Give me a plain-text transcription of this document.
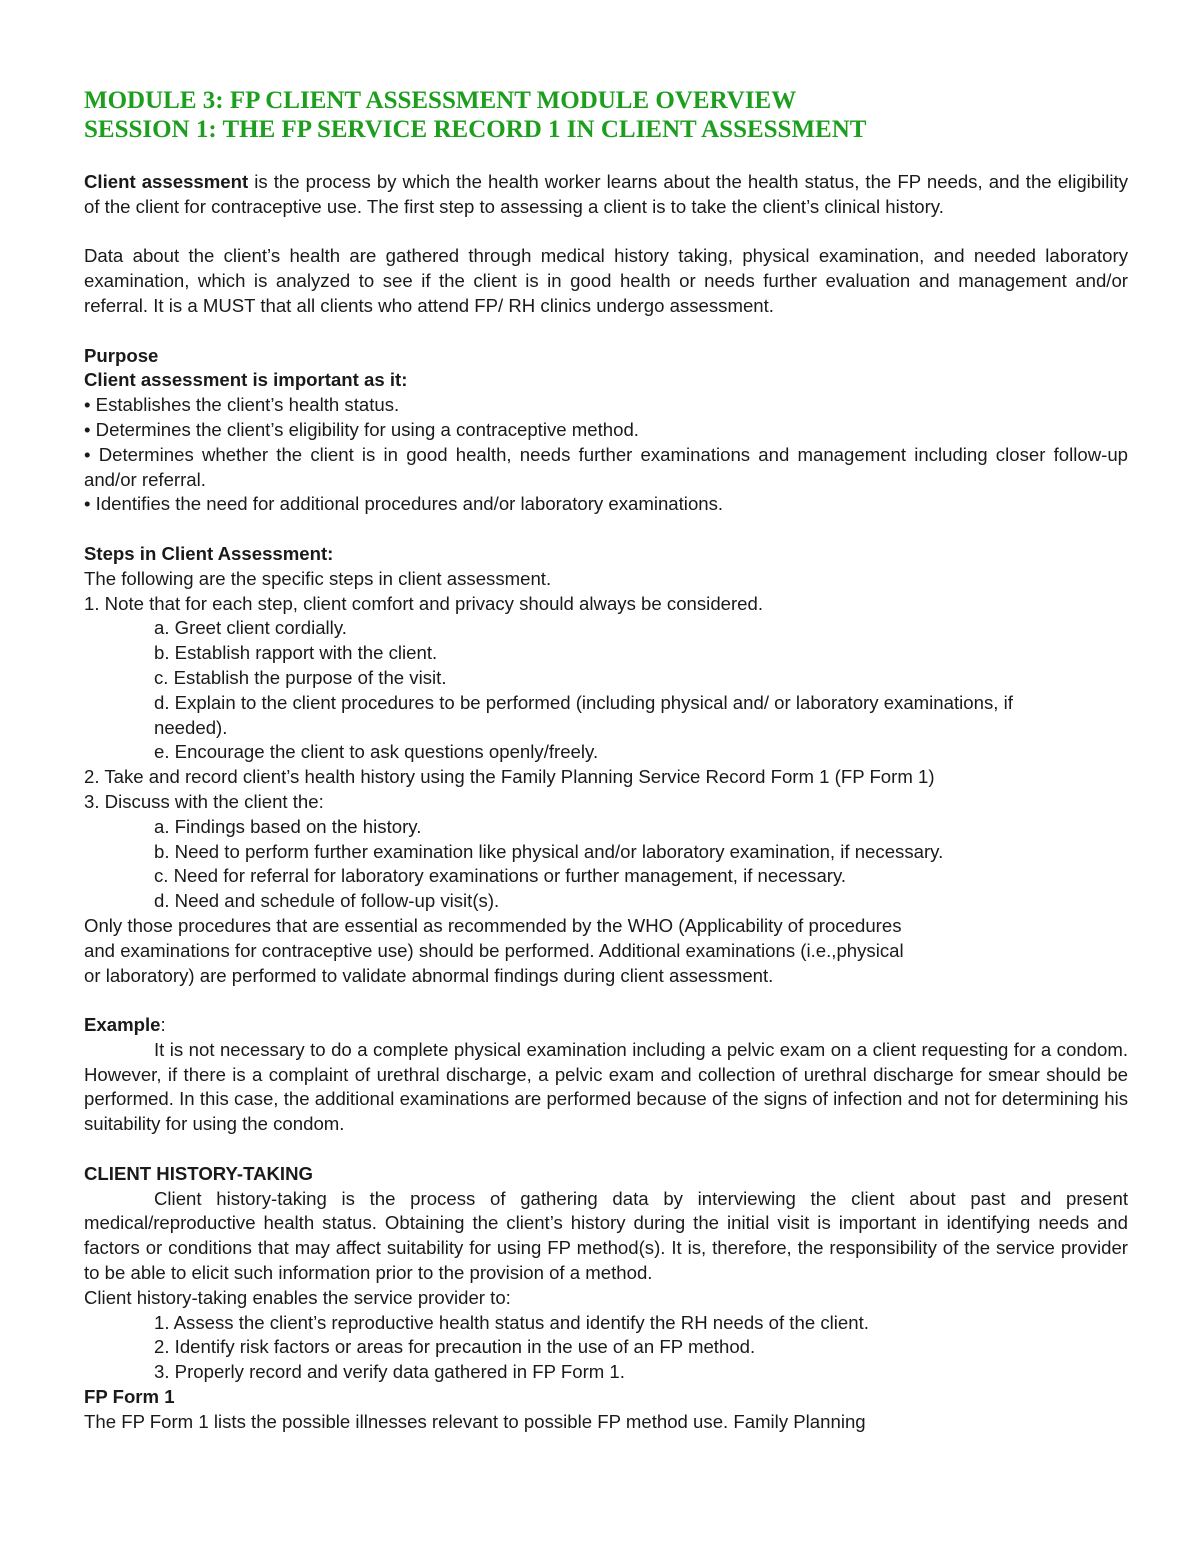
MODULE 3: FP CLIENT ASSESSMENT MODULE OVERVIEW

SESSION 1: THE FP SERVICE RECORD 1 IN CLIENT ASSESSMENT

Client assessment is the process by which the health worker learns about the health status, the FP needs, and the eligibility of the client for contraceptive use. The first step to assessing a client is to take the client’s clinical history.

Data about the client’s health are gathered through medical history taking, physical examination, and needed laboratory examination, which is analyzed to see if the client is in good health or needs further evaluation and management and/or referral. It is a MUST that all clients who attend FP/ RH clinics undergo assessment.

Purpose

Client assessment is important as it:

• Establishes the client’s health status.

• Determines the client’s eligibility for using a contraceptive method.

• Determines whether the client is in good health, needs further examinations and management including closer follow-up and/or referral.

• Identifies the need for additional procedures and/or laboratory examinations.

Steps in Client Assessment:

The following are the specific steps in client assessment.

1. Note that for each step, client comfort and privacy should always be considered.

a. Greet client cordially.

b. Establish rapport with the client.

c. Establish the purpose of the visit.

d. Explain to the client procedures to be performed (including physical and/ or laboratory examinations, if needed).

e. Encourage the client to ask questions openly/freely.

2. Take and record client’s health history using the Family Planning Service Record Form 1 (FP Form 1)

3. Discuss with the client the:

a. Findings based on the history.

b. Need to perform further examination like physical and/or laboratory examination, if necessary.

c. Need for referral for laboratory examinations or further management, if necessary.

d. Need and schedule of follow-up visit(s).

Only those procedures that are essential as recommended by the WHO (Applicability of procedures

and examinations for contraceptive use) should be performed. Additional examinations (i.e.,physical

or laboratory) are performed to validate abnormal findings during client assessment.

Example:

It is not necessary to do a complete physical examination including a pelvic exam on a client requesting for a condom. However, if there is a complaint of urethral discharge, a pelvic exam and collection of urethral discharge for smear should be performed. In this case, the additional examinations are performed because of the signs of infection and not for determining his suitability for using the condom.

CLIENT HISTORY-TAKING

Client history-taking is the process of gathering data by interviewing the client about past and present medical/reproductive health status. Obtaining the client’s history during the initial visit is important in identifying needs and factors or conditions that may affect suitability for using FP method(s). It is, therefore, the responsibility of the service provider to be able to elicit such information prior to the provision of a method.

Client history-taking enables the service provider to:

1. Assess the client’s reproductive health status and identify the RH needs of the client.

2. Identify risk factors or areas for precaution in the use of an FP method.

3. Properly record and verify data gathered in FP Form 1.

FP Form 1

The FP Form 1 lists the possible illnesses relevant to possible FP method use. Family Planning
